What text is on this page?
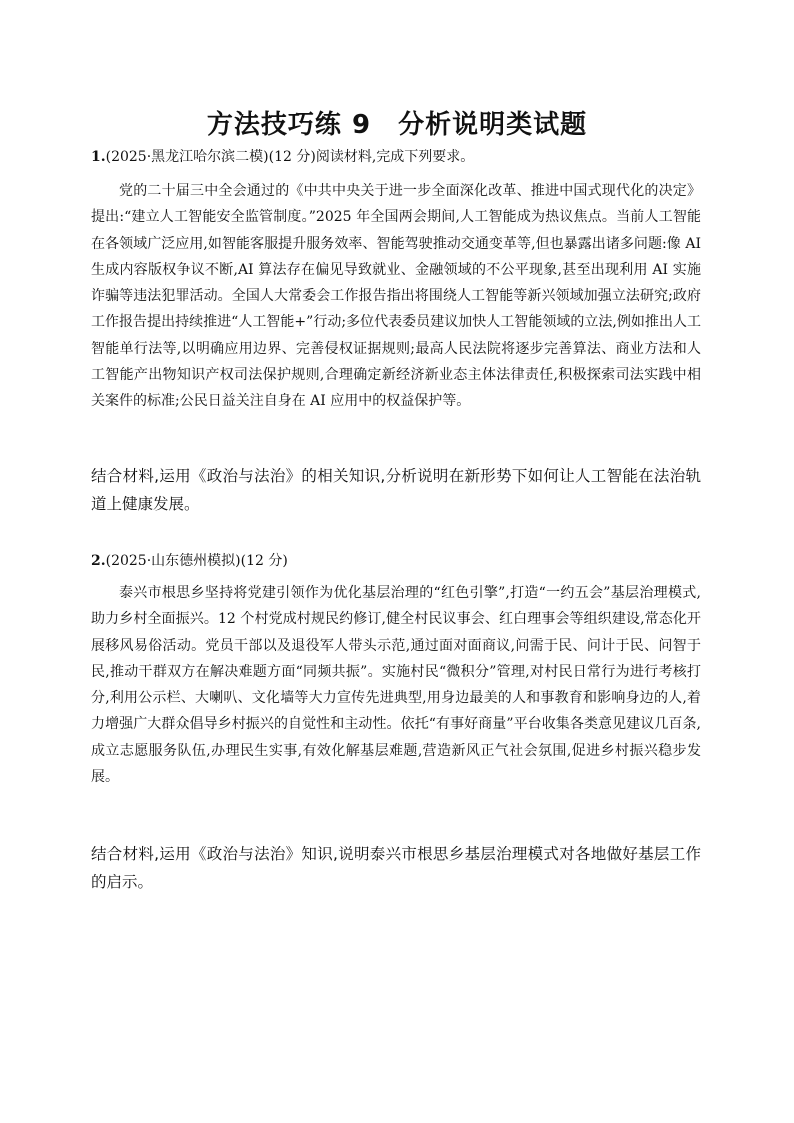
方法技巧练 9　分析说明类试题

1.(2025·黑龙江哈尔滨二模)(12 分)阅读材料,完成下列要求。

党的二十届三中全会通过的《中共中央关于进一步全面深化改革、推进中国式现代化的决定》提出:“建立人工智能安全监管制度。”2025 年全国两会期间,人工智能成为热议焦点。当前人工智能在各领域广泛应用,如智能客服提升服务效率、智能驾驶推动交通变革等,但也暴露出诸多问题:像 AI 生成内容版权争议不断,AI 算法存在偏见导致就业、金融领域的不公平现象,甚至出现利用 AI 实施诈骗等违法犯罪活动。全国人大常委会工作报告指出将围绕人工智能等新兴领域加强立法研究;政府工作报告提出持续推进“人工智能+”行动;多位代表委员建议加快人工智能领域的立法,例如推出人工智能单行法等,以明确应用边界、完善侵权证据规则;最高人民法院将逐步完善算法、商业方法和人工智能产出物知识产权司法保护规则,合理确定新经济新业态主体法律责任,积极探索司法实践中相关案件的标准;公民日益关注自身在 AI 应用中的权益保护等。

结合材料,运用《政治与法治》的相关知识,分析说明在新形势下如何让人工智能在法治轨道上健康发展。

2.(2025·山东德州模拟)(12 分)

泰兴市根思乡坚持将党建引领作为优化基层治理的“红色引擎”,打造“一约五会”基层治理模式,助力乡村全面振兴。12 个村党成村规民约修订,健全村民议事会、红白理事会等组织建设,常态化开展移风易俗活动。党员干部以及退役军人带头示范,通过面对面商议,问需于民、问计于民、问智于民,推动干群双方在解决难题方面“同频共振”。实施村民“微积分”管理,对村民日常行为进行考核打分,利用公示栏、大喇叭、文化墙等大力宣传先进典型,用身边最美的人和事教育和影响身边的人,着力增强广大群众倡导乡村振兴的自觉性和主动性。依托“有事好商量”平台收集各类意见建议几百条,成立志愿服务队伍,办理民生实事,有效化解基层难题,营造新风正气社会氛围,促进乡村振兴稳步发展。

结合材料,运用《政治与法治》知识,说明泰兴市根思乡基层治理模式对各地做好基层工作的启示。
